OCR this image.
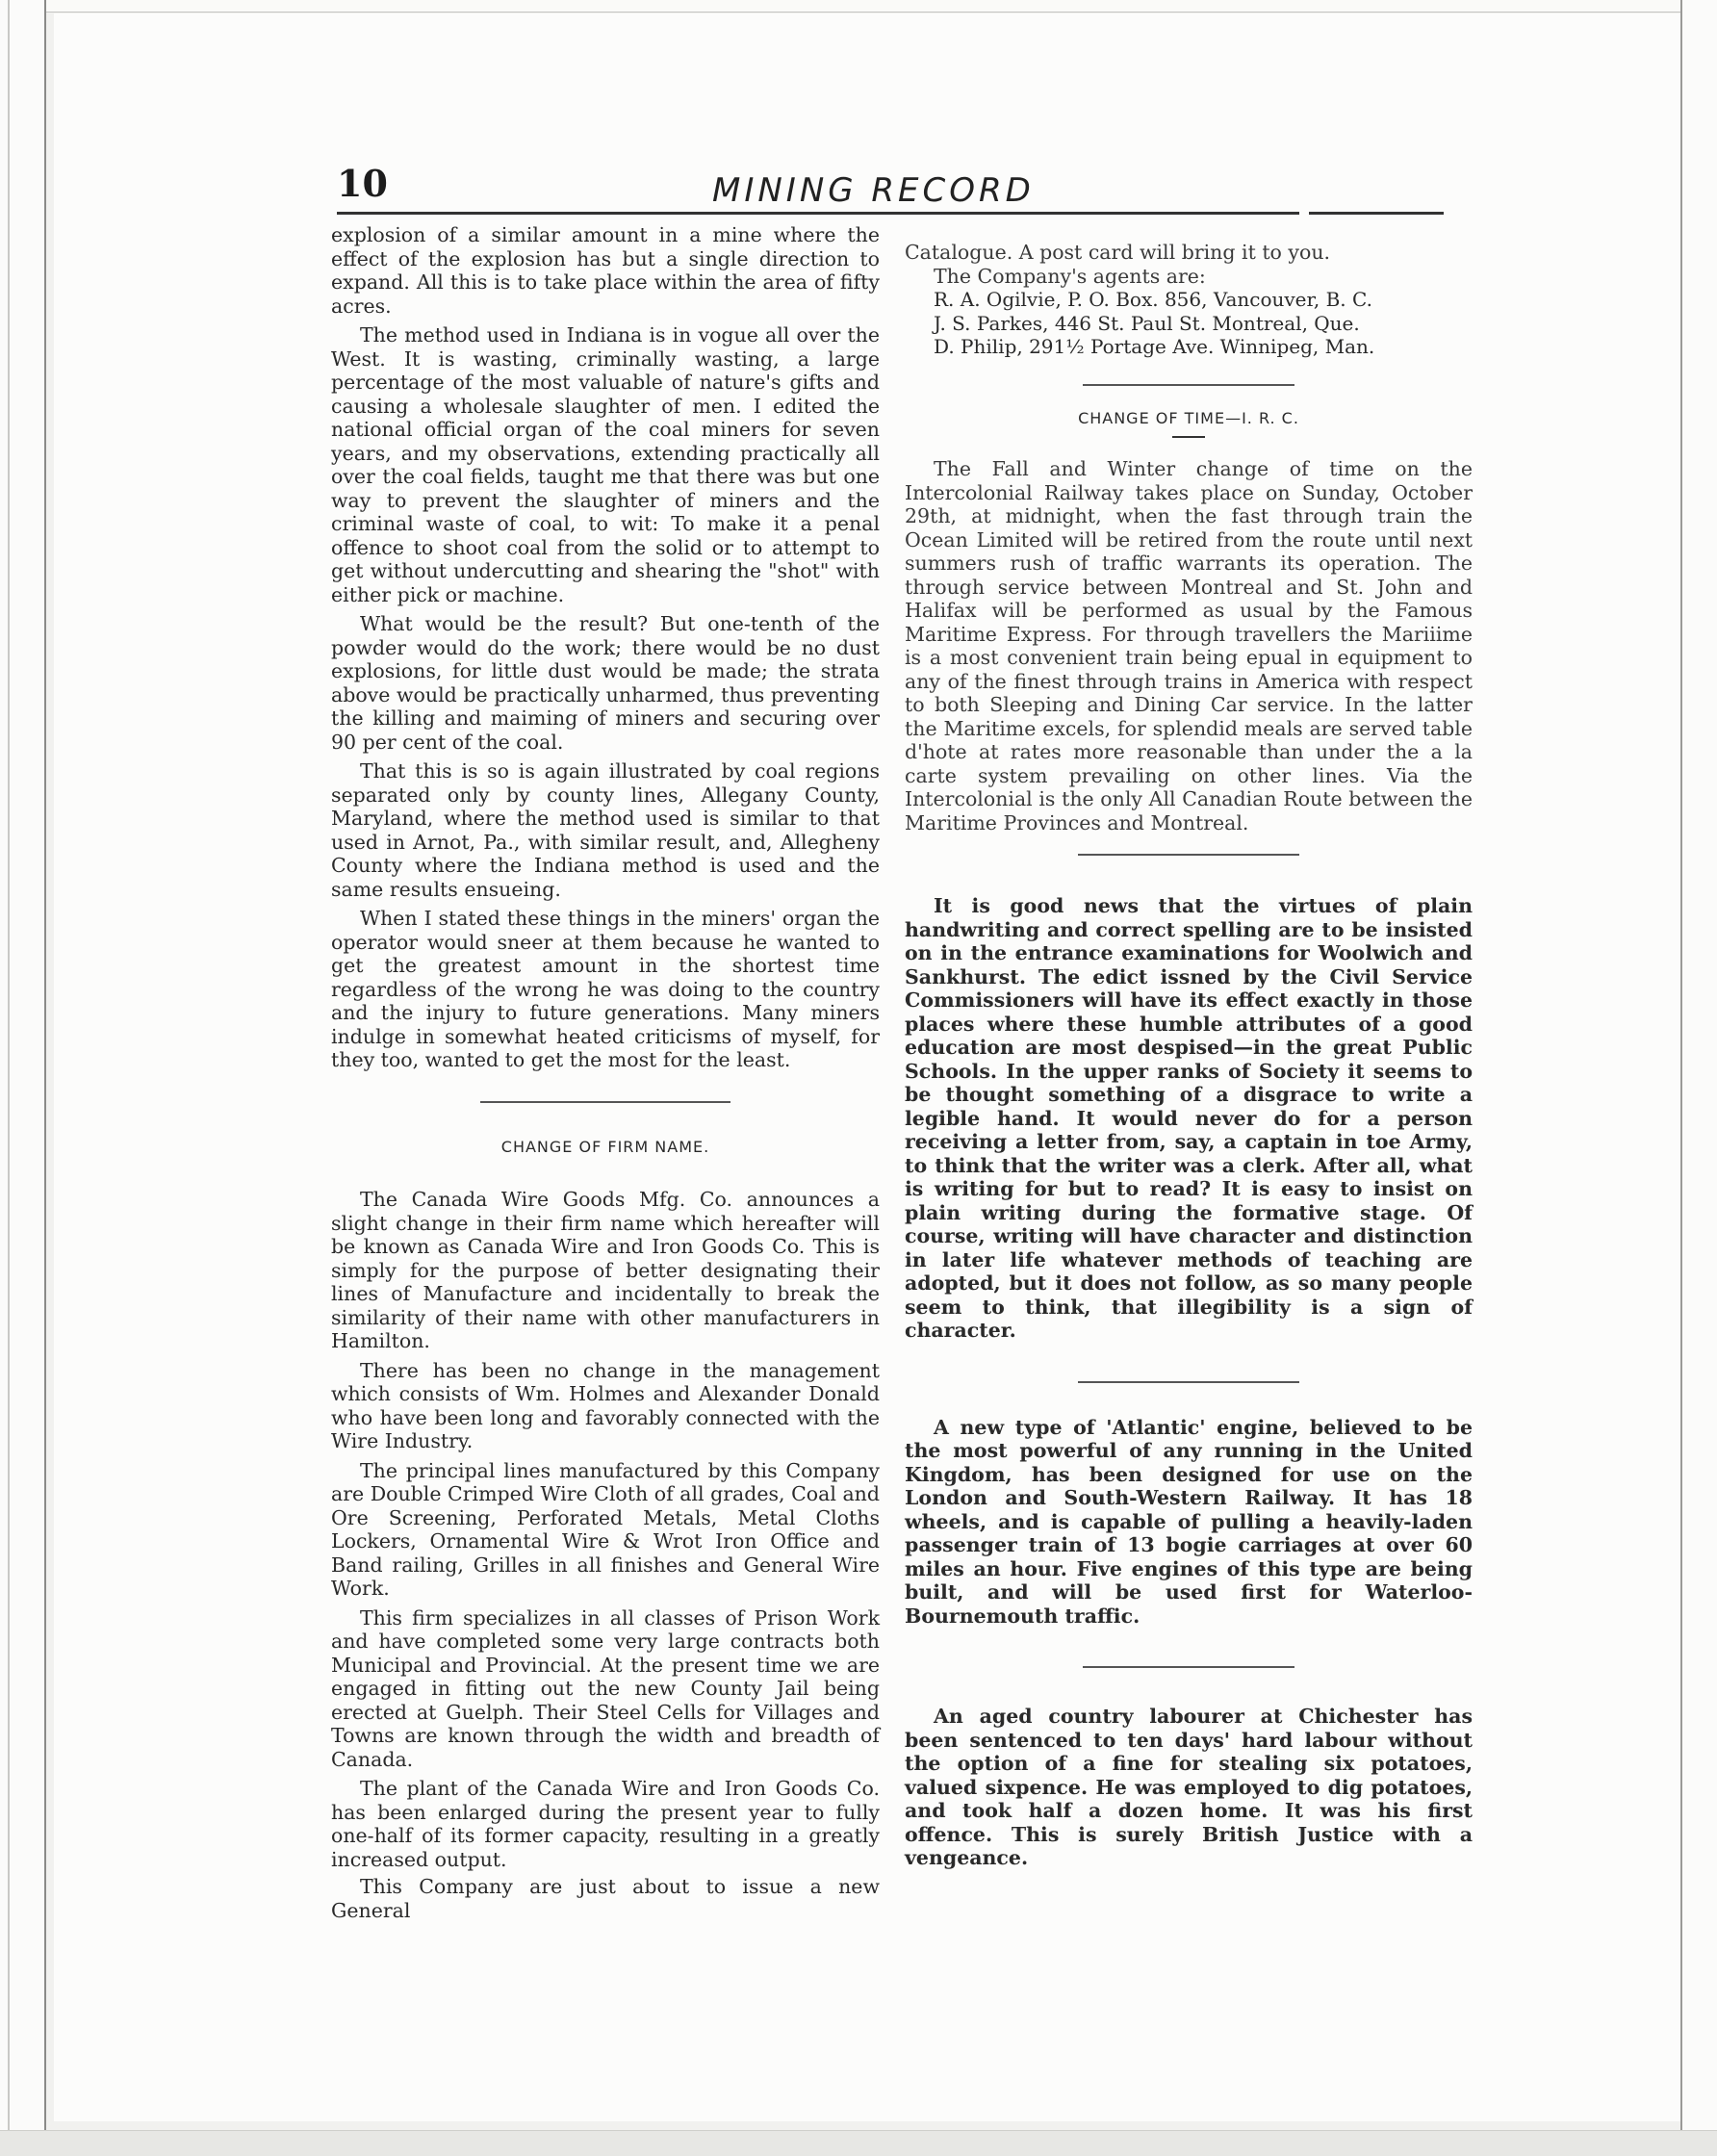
10	MINING RECORD

explosion of a similar amount in a mine where the effect of the explosion has but a single direction to expand. All this is to take place within the area of fifty acres.

The method used in Indiana is in vogue all over the West. It is wasting, criminally wasting, a large percentage of the most valuable of nature's gifts and causing a wholesale slaughter of men. I edited the national official organ of the coal miners for seven years, and my observations, extending practically all over the coal fields, taught me that there was but one way to prevent the slaughter of miners and the criminal waste of coal, to wit: To make it a penal offence to shoot coal from the solid or to attempt to get without undercutting and shearing the "shot" with either pick or machine.

What would be the result? But one-tenth of the powder would do the work; there would be no dust explosions, for little dust would be made; the strata above would be practically unharmed, thus preventing the killing and maiming of miners and securing over 90 per cent of the coal.

That this is so is again illustrated by coal regions separated only by county lines, Allegany County, Maryland, where the method used is similar to that used in Arnot, Pa., with similar result, and, Allegheny County where the Indiana method is used and the same results ensueing.

When I stated these things in the miners' organ the operator would sneer at them because he wanted to get the greatest amount in the shortest time regardless of the wrong he was doing to the country and the injury to future generations. Many miners indulge in somewhat heated criticisms of myself, for they too, wanted to get the most for the least.

CHANGE OF FIRM NAME.

The Canada Wire Goods Mfg. Co. announces a slight change in their firm name which hereafter will be known as Canada Wire and Iron Goods Co. This is simply for the purpose of better designating their lines of Manufacture and incidentally to break the similarity of their name with other manufacturers in Hamilton.

There has been no change in the management which consists of Wm. Holmes and Alexander Donald who have been long and favorably connected with the Wire Industry.

The principal lines manufactured by this Company are Double Crimped Wire Cloth of all grades, Coal and Ore Screening, Perforated Metals, Metal Cloths Lockers, Ornamental Wire & Wrot Iron Office and Band railing, Grilles in all finishes and General Wire Work.

This firm specializes in all classes of Prison Work and have completed some very large contracts both Municipal and Provincial. At the present time we are engaged in fitting out the new County Jail being erected at Guelph. Their Steel Cells for Villages and Towns are known through the width and breadth of Canada.

The plant of the Canada Wire and Iron Goods Co. has been enlarged during the present year to fully one-half of its former capacity, resulting in a greatly increased output.

This Company are just about to issue a new General

Catalogue. A post card will bring it to you.

The Company's agents are:

R. A. Ogilvie, P. O. Box. 856, Vancouver, B. C.

J. S. Parkes, 446 St. Paul St. Montreal, Que.

D. Philip, 291½ Portage Ave. Winnipeg, Man.

CHANGE OF TIME—I. R. C.

The Fall and Winter change of time on the Intercolonial Railway takes place on Sunday, October 29th, at midnight, when the fast through train the Ocean Limited will be retired from the route until next summers rush of traffic warrants its operation. The through service between Montreal and St. John and Halifax will be performed as usual by the Famous Maritime Express. For through travellers the Mariiime is a most convenient train being epual in equipment to any of the finest through trains in America with respect to both Sleeping and Dining Car service. In the latter the Maritime excels, for splendid meals are served table d'hote at rates more reasonable than under the a la carte system prevailing on other lines. Via the Intercolonial is the only All Canadian Route between the Maritime Provinces and Montreal.

It is good news that the virtues of plain handwriting and correct spelling are to be insisted on in the entrance examinations for Woolwich and Sankhurst. The edict issned by the Civil Service Commissioners will have its effect exactly in those places where these humble attributes of a good education are most despised—in the great Public Schools. In the upper ranks of Society it seems to be thought something of a disgrace to write a legible hand. It would never do for a person receiving a letter from, say, a captain in toe Army, to think that the writer was a clerk. After all, what is writing for but to read? It is easy to insist on plain writing during the formative stage. Of course, writing will have character and distinction in later life whatever methods of teaching are adopted, but it does not follow, as so many people seem to think, that illegibility is a sign of character.

A new type of 'Atlantic' engine, believed to be the most powerful of any running in the United Kingdom, has been designed for use on the London and South-Western Railway. It has 18 wheels, and is capable of pulling a heavily-laden passenger train of 13 bogie carriages at over 60 miles an hour. Five engines of this type are being built, and will be used first for Waterloo-Bournemouth traffic.

An aged country labourer at Chichester has been sentenced to ten days' hard labour without the option of a fine for stealing six potatoes, valued sixpence. He was employed to dig potatoes, and took half a dozen home. It was his first offence. This is surely British Justice with a vengeance.
